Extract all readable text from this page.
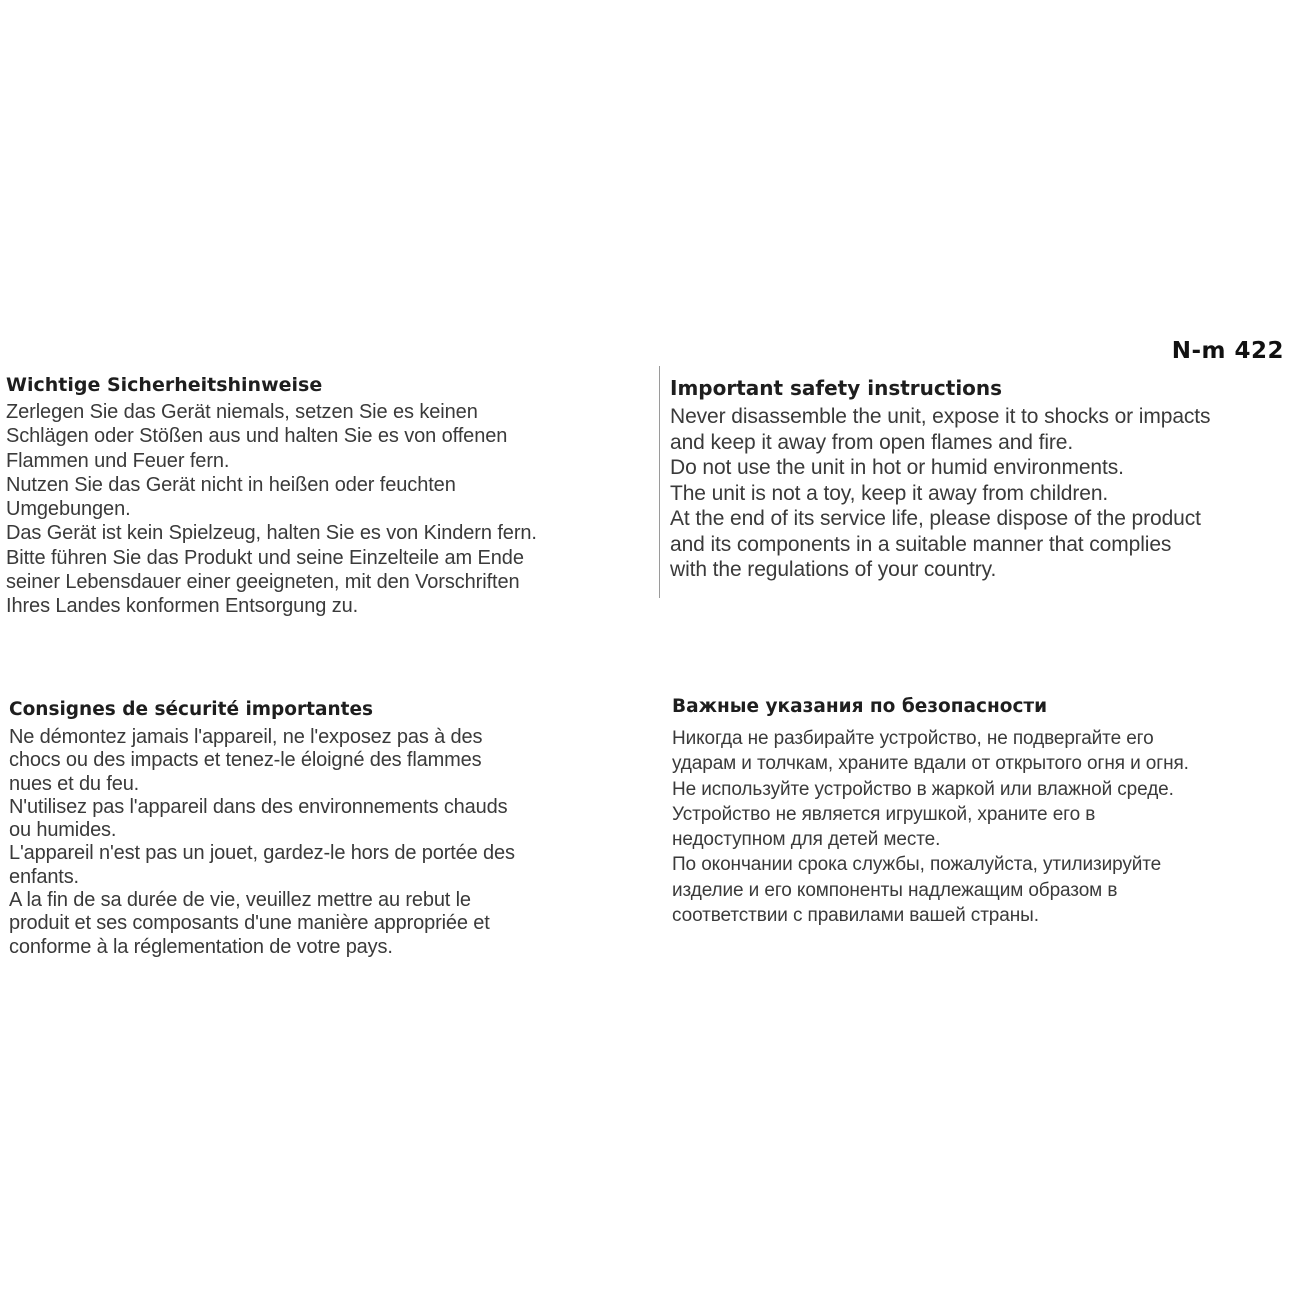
N-m 422
Wichtige Sicherheitshinweise
Zerlegen Sie das Gerät niemals, setzen Sie es keinen
Schlägen oder Stößen aus und halten Sie es von offenen
Flammen und Feuer fern.
Nutzen Sie das Gerät nicht in heißen oder feuchten
Umgebungen.
Das Gerät ist kein Spielzeug, halten Sie es von Kindern fern.
Bitte führen Sie das Produkt und seine Einzelteile am Ende
seiner Lebensdauer einer geeigneten, mit den Vorschriften
Ihres Landes konformen Entsorgung zu.
Important safety instructions
Never disassemble the unit, expose it to shocks or impacts
and keep it away from open flames and fire.
Do not use the unit in hot or humid environments.
The unit is not a toy, keep it away from children.
At the end of its service life, please dispose of the product
and its components in a suitable manner that complies
with the regulations of your country.
Consignes de sécurité importantes
Ne démontez jamais l'appareil, ne l'exposez pas à des
chocs ou des impacts et tenez-le éloigné des flammes
nues et du feu.
N'utilisez pas l'appareil dans des environnements chauds
ou humides.
L'appareil n'est pas un jouet, gardez-le hors de portée des
enfants.
A la fin de sa durée de vie, veuillez mettre au rebut le
produit et ses composants d'une manière appropriée et
conforme à la réglementation de votre pays.
Важные указания по безопасности
Никогда не разбирайте устройство, не подвергайте его
ударам и толчкам, храните вдали от открытого огня и огня.
Не используйте устройство в жаркой или влажной среде.
Устройство не является игрушкой, храните его в
недоступном для детей месте.
По окончании срока службы, пожалуйста, утилизируйте
изделие и его компоненты надлежащим образом в
соответствии с правилами вашей страны.
